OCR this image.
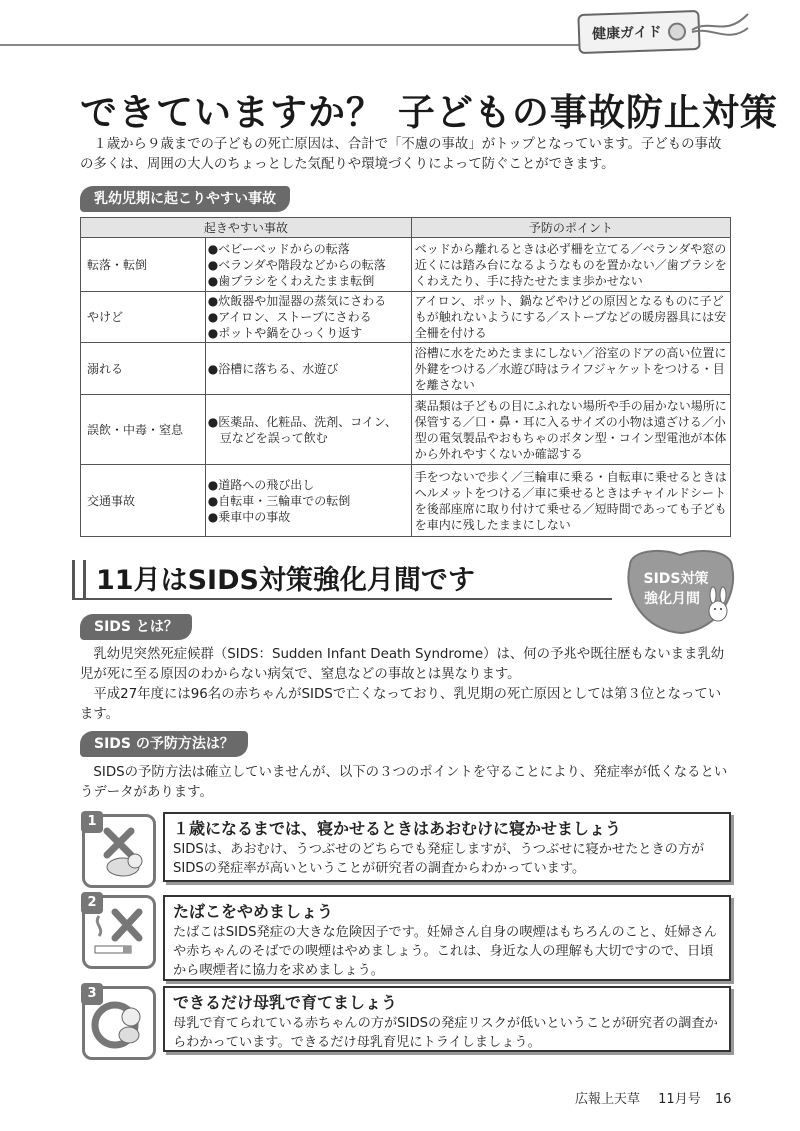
健康ガイド
できていますか？ 子どもの事故防止対策

１歳から９歳までの子どもの死亡原因は、合計で「不慮の事故」がトップとなっています。子どもの事故の多くは、周囲の大人のちょっとした気配りや環境づくりによって防ぐことができます。

乳幼児期に起こりやすい事故
起きやすい事故		予防のポイント
転落・転倒	●ベビーベッドからの転落
●ベランダや階段などからの転落
●歯ブラシをくわえたまま転倒	ベッドから離れるときは必ず柵を立てる／ベランダや窓の近くには踏み台になるようなものを置かない／歯ブラシをくわえたり、手に持たせたまま歩かせない
やけど	●炊飯器や加湿器の蒸気にさわる
●アイロン、ストーブにさわる
●ポットや鍋をひっくり返す	アイロン、ポット、鍋などやけどの原因となるものに子どもが触れないようにする／ストーブなどの暖房器具には安全柵を付ける
溺れる	●浴槽に落ちる、水遊び	浴槽に水をためたままにしない／浴室のドアの高い位置に外鍵をつける／水遊び時はライフジャケットをつける・目を離さない
誤飲・中毒・窒息	●医薬品、化粧品、洗剤、コイン、
　豆などを誤って飲む	薬品類は子どもの目にふれない場所や手の届かない場所に保管する／口・鼻・耳に入るサイズの小物は遠ざける／小型の電気製品やおもちゃのボタン型・コイン型電池が本体から外れやすくないか確認する
交通事故	●道路への飛び出し
●自転車・三輪車での転倒
●乗車中の事故	手をつないで歩く／三輪車に乗る・自転車に乗せるときはヘルメットをつける／車に乗せるときはチャイルドシートを後部座席に取り付けて乗せる／短時間であっても子どもを車内に残したままにしない
11月はSIDS対策強化月間です	SIDS対策
強化月間
SIDS とは？

乳幼児突然死症候群（SIDS：Sudden Infant Death Syndrome）は、何の予兆や既往歴もないまま乳幼児が死に至る原因のわからない病気で、窒息などの事故とは異なります。

平成27年度には96名の赤ちゃんがSIDSで亡くなっており、乳児期の死亡原因としては第３位となっています。

SIDS の予防方法は？

SIDSの予防方法は確立していませんが、以下の３つのポイントを守ることにより、発症率が低くなるというデータがあります。

1	１歳になるまでは、寝かせるときはあおむけに寝かせましょう
SIDSは、あおむけ、うつぶせのどちらでも発症しますが、うつぶせに寝かせたときの方がSIDSの発症率が高いということが研究者の調査からわかっています。
2	たばこをやめましょう
たばこはSIDS発症の大きな危険因子です。妊婦さん自身の喫煙はもちろんのこと、妊婦さんや赤ちゃんのそばでの喫煙はやめましょう。これは、身近な人の理解も大切ですので、日頃から喫煙者に協力を求めましょう。
3	できるだけ母乳で育てましょう
母乳で育てられている赤ちゃんの方がSIDSの発症リスクが低いということが研究者の調査からわかっています。できるだけ母乳育児にトライしましょう。
広報上天草 11月号 16
